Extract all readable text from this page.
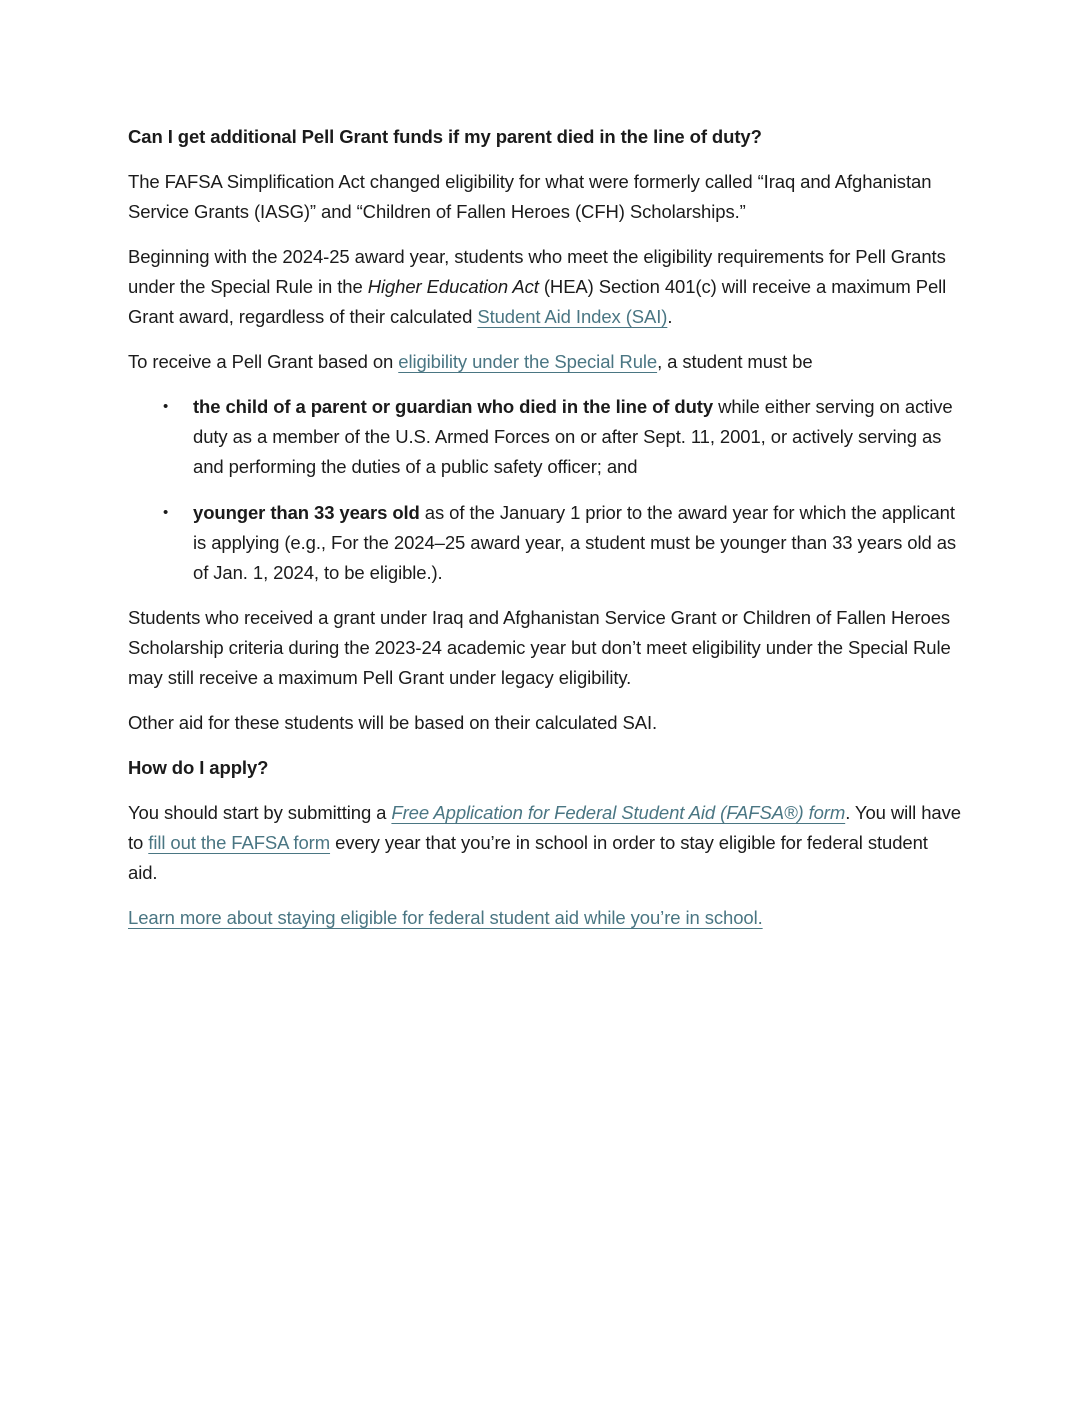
Can I get additional Pell Grant funds if my parent died in the line of duty?

The FAFSA Simplification Act changed eligibility for what were formerly called “Iraq and Afghanistan Service Grants (IASG)” and “Children of Fallen Heroes (CFH) Scholarships.”

Beginning with the 2024-25 award year, students who meet the eligibility requirements for Pell Grants under the Special Rule in the Higher Education Act (HEA) Section 401(c) will receive a maximum Pell Grant award, regardless of their calculated Student Aid Index (SAI).

To receive a Pell Grant based on eligibility under the Special Rule, a student must be

• the child of a parent or guardian who died in the line of duty while either serving on active duty as a member of the U.S. Armed Forces on or after Sept. 11, 2001, or actively serving as and performing the duties of a public safety officer; and
• younger than 33 years old as of the January 1 prior to the award year for which the applicant is applying (e.g., For the 2024–25 award year, a student must be younger than 33 years old as of Jan. 1, 2024, to be eligible.).

Students who received a grant under Iraq and Afghanistan Service Grant or Children of Fallen Heroes Scholarship criteria during the 2023-24 academic year but don’t meet eligibility under the Special Rule may still receive a maximum Pell Grant under legacy eligibility.

Other aid for these students will be based on their calculated SAI.

How do I apply?

You should start by submitting a Free Application for Federal Student Aid (FAFSA®) form. You will have to fill out the FAFSA form every year that you’re in school in order to stay eligible for federal student aid.

Learn more about staying eligible for federal student aid while you’re in school.
